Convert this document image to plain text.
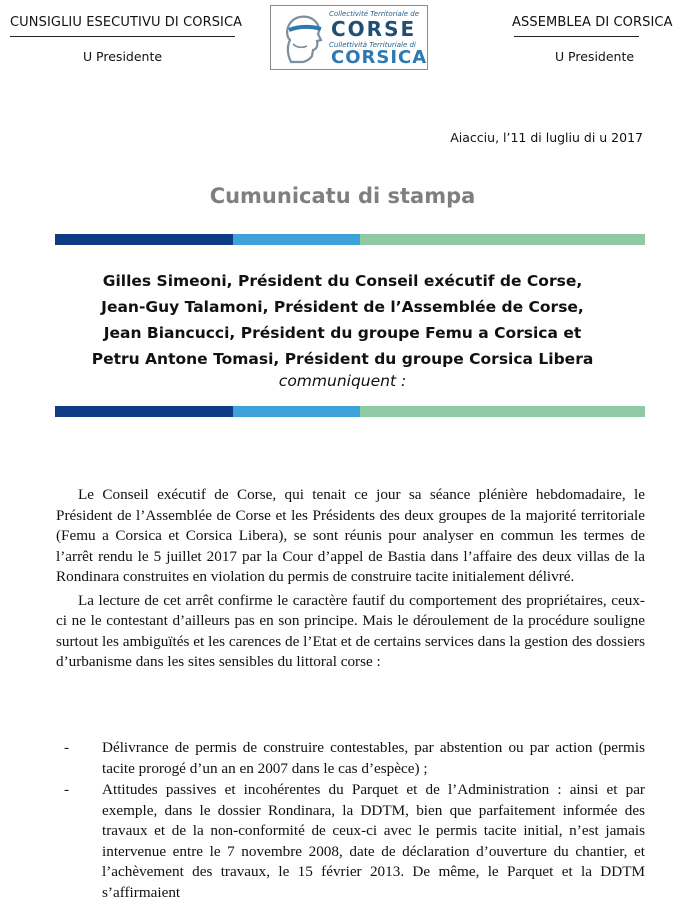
CUNSIGLIU ESECUTIVU DI CORSICA
U Presidente
Collectivité Territoriale de
CORSE
Cullettività Territuriale di
CORSICA
ASSEMBLEA DI CORSICA
U Presidente
Aiacciu, l’11 di lugliu di u 2017
Cumunicatu di stampa
Gilles Simeoni, Président du Conseil exécutif de Corse,
Jean-Guy Talamoni, Président de l’Assemblée de Corse,
Jean Biancucci, Président du groupe Femu a Corsica et
Petru Antone Tomasi, Président du groupe Corsica Libera
communiquent :

Le Conseil exécutif de Corse, qui tenait ce jour sa séance plénière hebdomadaire, le Président de l’Assemblée de Corse et les Présidents des deux groupes de la majorité territoriale (Femu a Corsica et Corsica Libera), se sont réunis pour analyser en commun les termes de l’arrêt rendu le 5 juillet 2017 par la Cour d’appel de Bastia dans l’affaire des deux villas de la Rondinara construites en violation du permis de construire tacite initialement délivré.

La lecture de cet arrêt confirme le caractère fautif du comportement des propriétaires, ceux-ci ne le contestant d’ailleurs pas en son principe. Mais le déroulement de la procédure souligne surtout les ambiguïtés et les carences de l’Etat et de certains services dans la gestion des dossiers d’urbanisme dans les sites sensibles du littoral corse :

- Délivrance de permis de construire contestables, par abstention ou par action (permis tacite prorogé d’un an en 2007 dans le cas d’espèce) ;
- Attitudes passives et incohérentes du Parquet et de l’Administration : ainsi et par exemple, dans le dossier Rondinara, la DDTM, bien que parfaitement informée des travaux et de la non-conformité de ceux-ci avec le permis tacite initial, n’est jamais intervenue entre le 7 novembre 2008, date de déclaration d’ouverture du chantier, et l’achèvement des travaux, le 15 février 2013. De même, le Parquet et la DDTM s’affirmaient
